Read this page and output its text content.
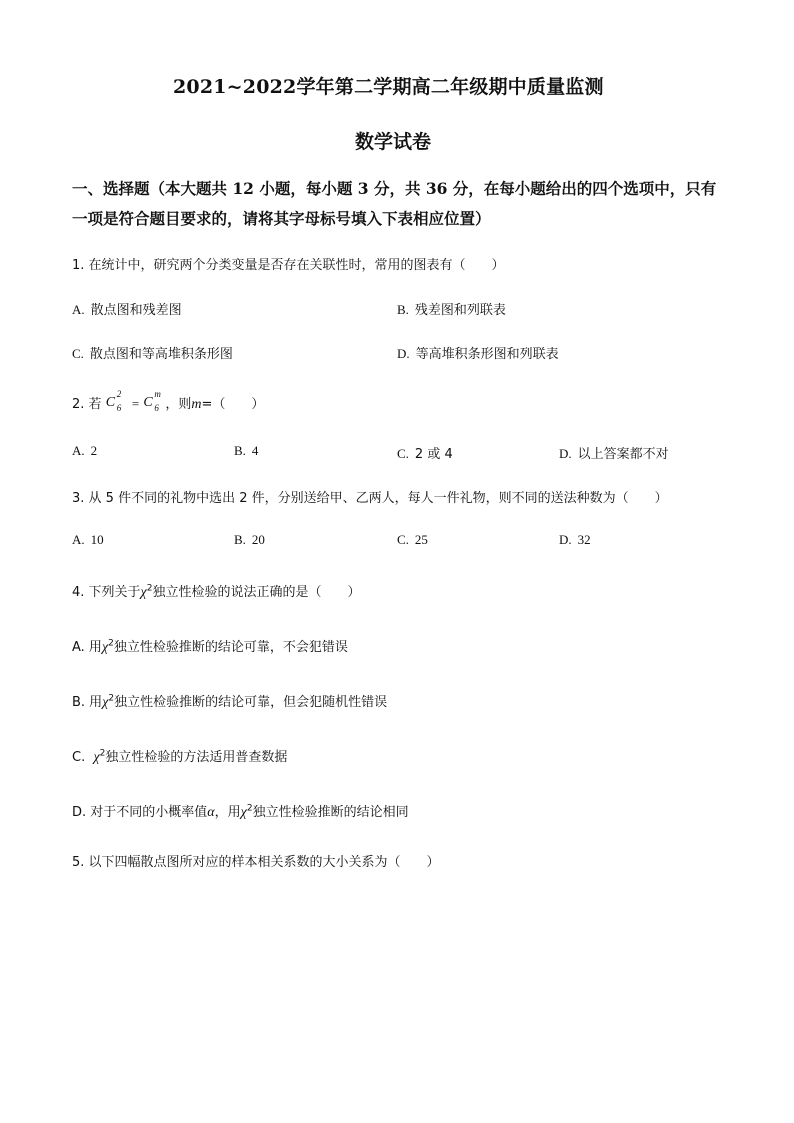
2021~2022学年第二学期高二年级期中质量监测
数学试卷
一、选择题（本大题共 12 小题，每小题 3 分，共 36 分，在每小题给出的四个选项中，只有
一项是符合题目要求的，请将其字母标号填入下表相应位置）
1. 在统计中，研究两个分类变量是否存在关联性时，常用的图表有（　　）
A. 散点图和残差图	B. 残差图和列联表
C. 散点图和等高堆积条形图	D. 等高堆积条形图和列联表
2. 若 C
2
6 = C
m
6 ，则m=（　　）
A. 2	B. 4	C. 2 或 4	D. 以上答案都不对
3. 从 5 件不同的礼物中选出 2 件，分别送给甲、乙两人，每人一件礼物，则不同的送法种数为（　　）
A. 10	B. 20	C. 25	D. 32
4. 下列关于$\chi^2$独立性检验的说法正确的是（　　）
A. 用$\chi^2$独立性检验推断的结论可靠，不会犯错误
B. 用$\chi^2$独立性检验推断的结论可靠，但会犯随机性错误
C. $\chi^2$独立性检验的方法适用普查数据
D. 对于不同的小概率值α，用$\chi^2$独立性检验推断的结论相同
5. 以下四幅散点图所对应的样本相关系数的大小关系为（　　）
